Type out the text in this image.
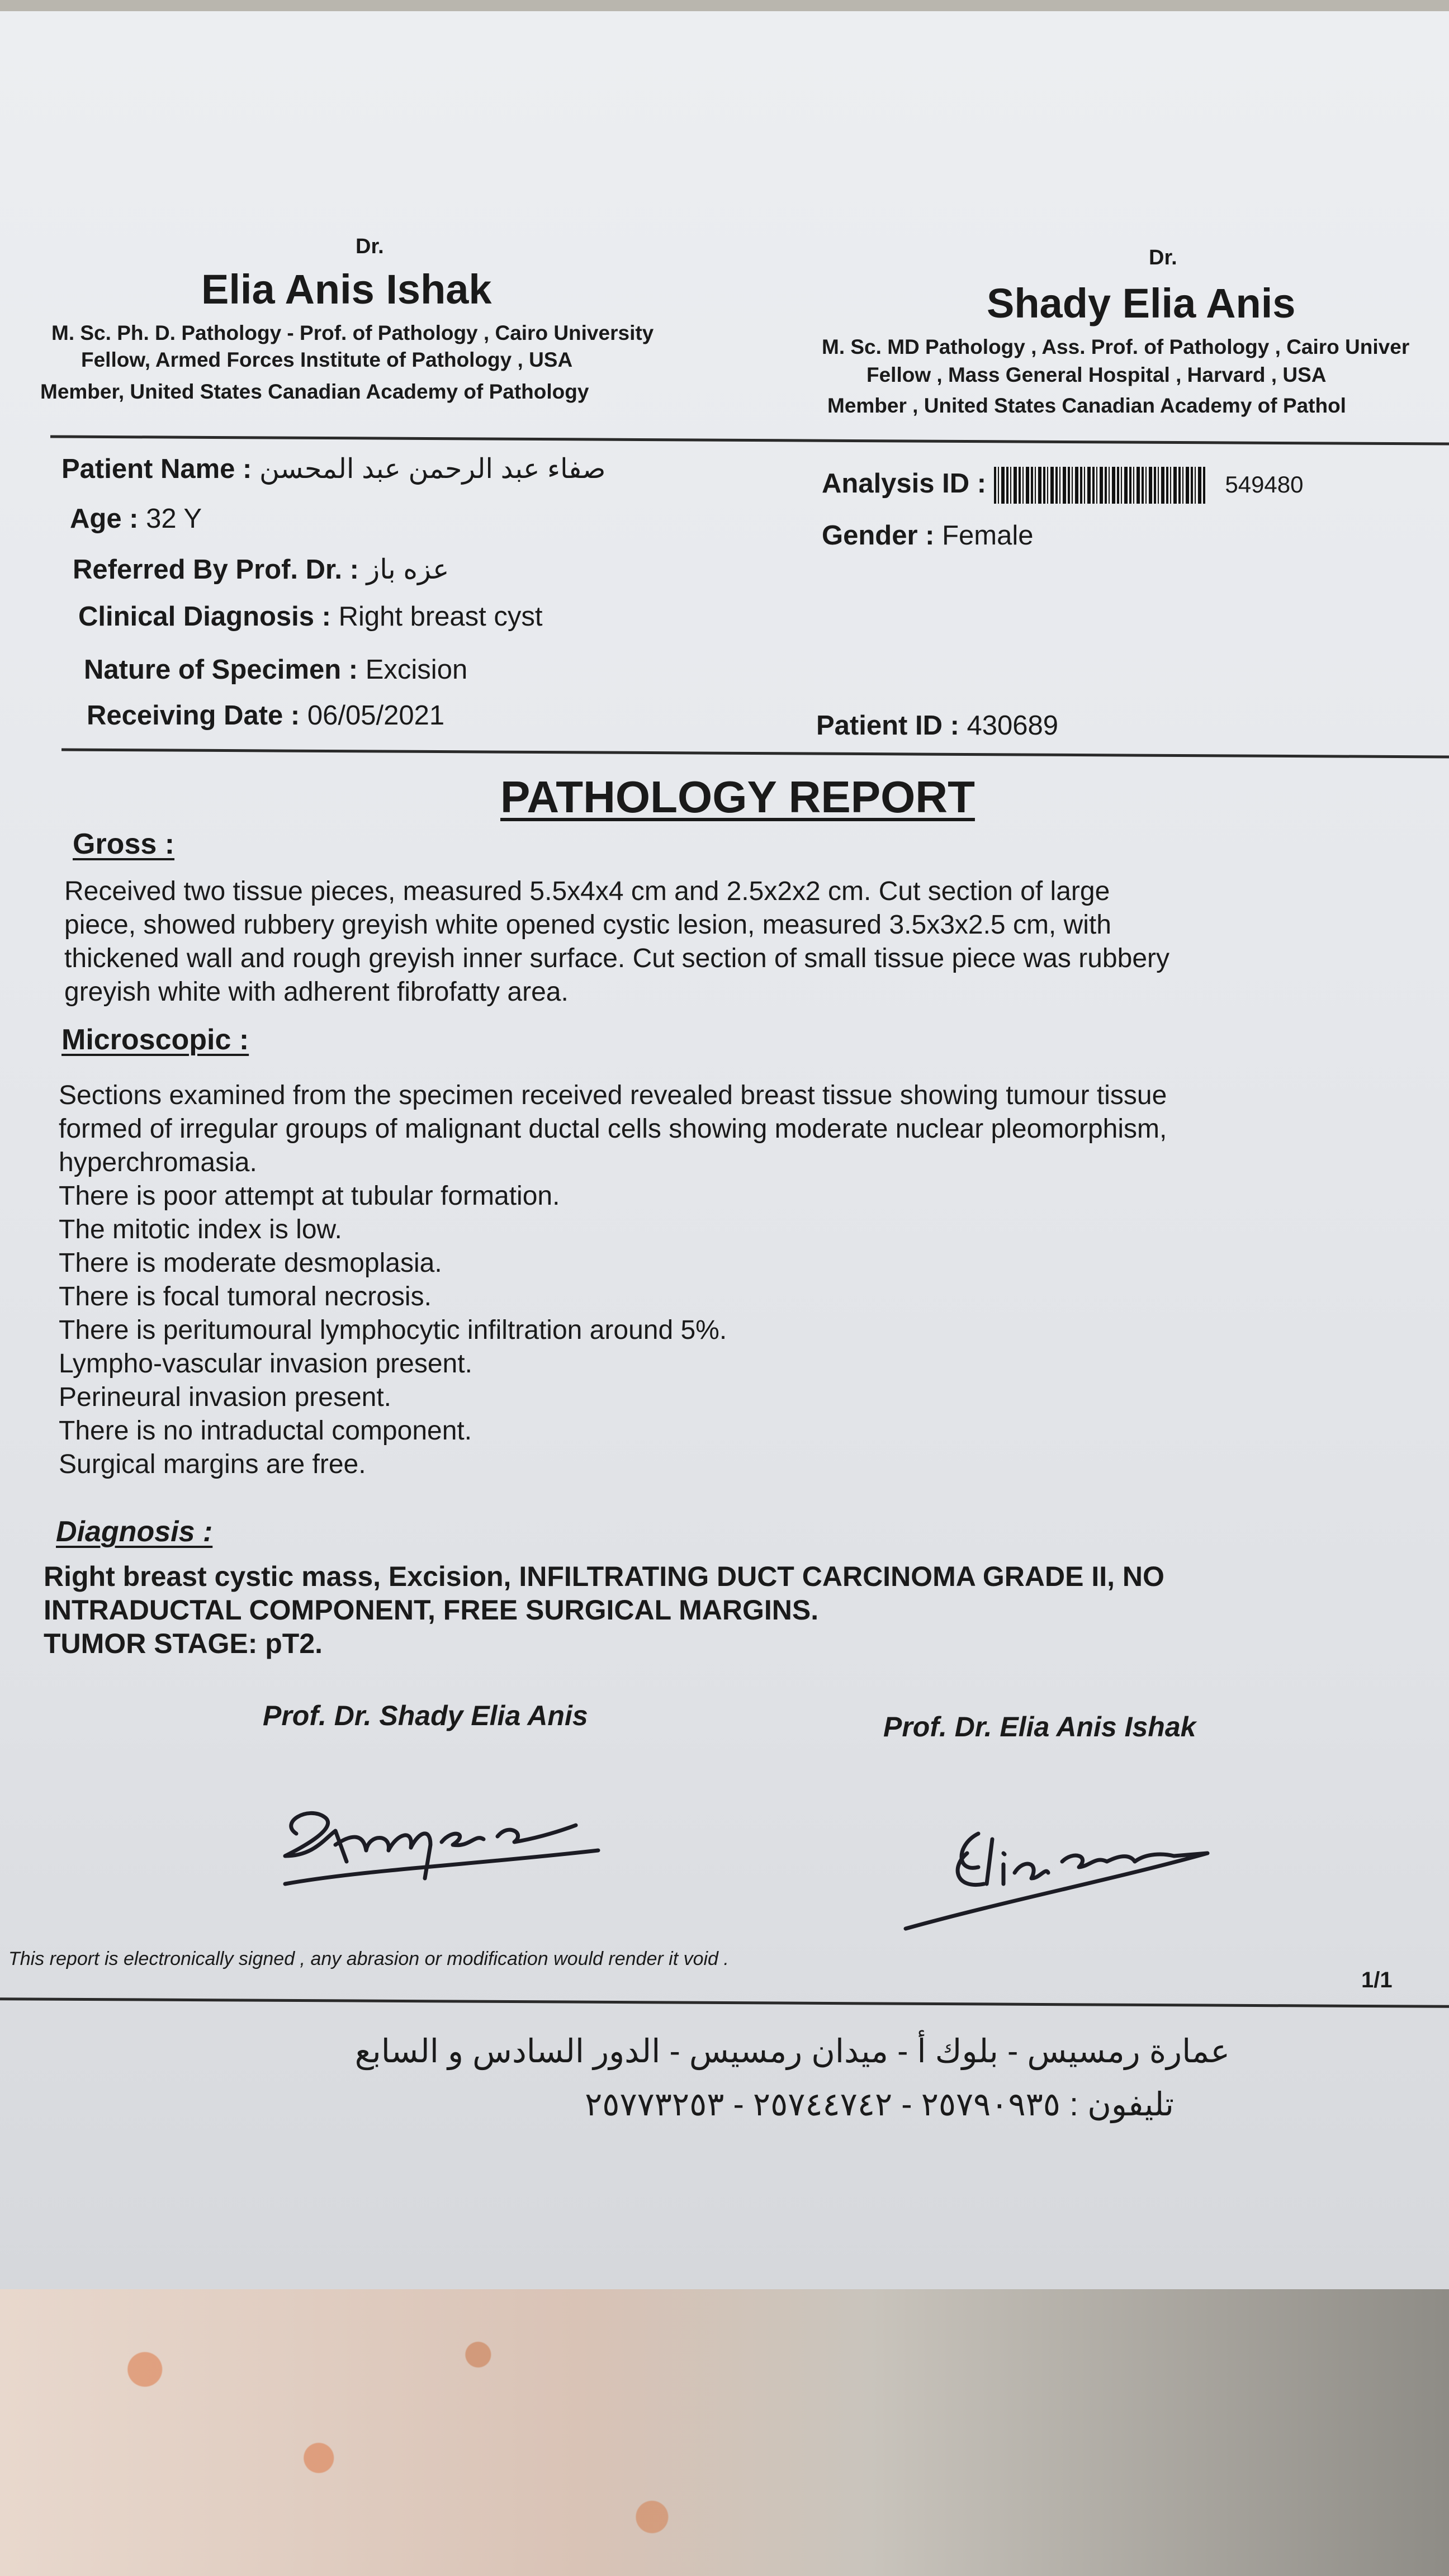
Dr.
Elia Anis Ishak
M. Sc. Ph. D. Pathology - Prof. of Pathology , Cairo University
Fellow, Armed Forces Institute of Pathology , USA
Member, United States Canadian Academy of Pathology
Dr.
Shady Elia Anis
M. Sc. MD Pathology , Ass. Prof. of Pathology , Cairo Univer
Fellow , Mass General Hospital , Harvard , USA
Member , United States Canadian Academy of Pathol
Patient Name : صفاء عبد الرحمن عبد المحسن
Age : 32 Y
Referred By Prof. Dr. : عزه باز
Clinical Diagnosis : Right breast cyst
Nature of Specimen : Excision
Receiving Date : 06/05/2021
Analysis ID :	549480
Gender : Female
Patient ID : 430689
PATHOLOGY REPORT
Gross :

Received two tissue pieces, measured 5.5x4x4 cm and 2.5x2x2 cm. Cut section of large

piece, showed rubbery greyish white opened cystic lesion, measured 3.5x3x2.5 cm, with

thickened wall and rough greyish inner surface. Cut section of small tissue piece was rubbery

greyish white with adherent fibrofatty area.

Microscopic :

Sections examined from the specimen received revealed breast tissue showing tumour tissue

formed of irregular groups of malignant ductal cells showing moderate nuclear pleomorphism,

hyperchromasia.

There is poor attempt at tubular formation.

The mitotic index is low.

There is moderate desmoplasia.

There is focal tumoral necrosis.

There is peritumoural lymphocytic infiltration around 5%.

Lympho-vascular invasion present.

Perineural invasion present.

There is no intraductal component.

Surgical margins are free.

Diagnosis :
Right breast cystic mass, Excision, INFILTRATING DUCT CARCINOMA GRADE II, NO
INTRADUCTAL COMPONENT, FREE SURGICAL MARGINS.
TUMOR STAGE: pT2.
Prof. Dr. Shady Elia Anis	Prof. Dr. Elia Anis Ishak
This report is electronically signed , any abrasion or modification would render it void .
1/1
عمارة رمسيس - بلوك أ - ميدان رمسيس - الدور السادس و السابع
تليفون : ٢٥٧٩٠٩٣٥ - ٢٥٧٤٤٧٤٢ - ٢٥٧٧٣٢٥٣
